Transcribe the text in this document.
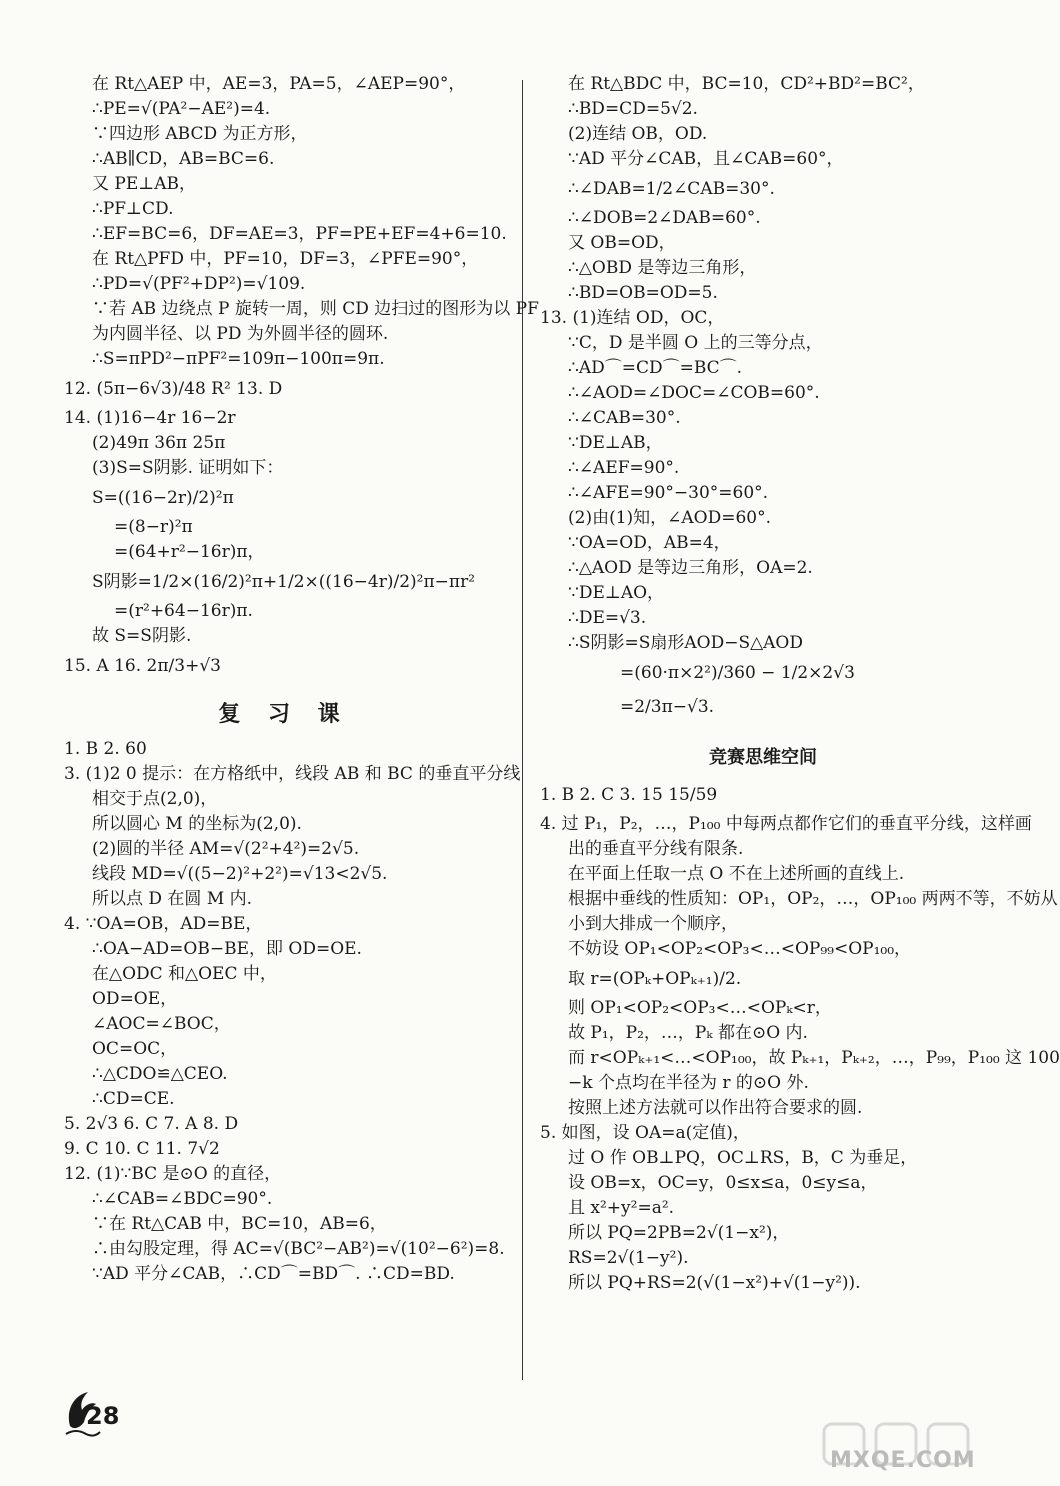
在 Rt△AEP 中，AE=3，PA=5，∠AEP=90°，
∴PE=√(PA²−AE²)=4.
∵四边形 ABCD 为正方形，
∴AB∥CD，AB=BC=6.
又 PE⊥AB，
∴PF⊥CD.
∴EF=BC=6，DF=AE=3，PF=PE+EF=4+6=10.
在 Rt△PFD 中，PF=10，DF=3，∠PFE=90°，
∴PD=√(PF²+DP²)=√109.
∵若 AB 边绕点 P 旋转一周，则 CD 边扫过的图形为以 PF
为内圆半径、以 PD 为外圆半径的圆环.
∴S=πPD²−πPF²=109π−100π=9π.
12. (5π−6√3)/48 R² 13. D
14. (1)16−4r 16−2r
(2)49π 36π 25π
(3)S=S阴影. 证明如下：
S=((16−2r)/2)²π
=(8−r)²π
=(64+r²−16r)π，
S阴影=1/2×(16/2)²π+1/2×((16−4r)/2)²π−πr²
=(r²+64−16r)π.
故 S=S阴影.
15. A 16. 2π/3+√3
复 习 课
1. B 2. 60
3. (1)2 0 提示：在方格纸中，线段 AB 和 BC 的垂直平分线
相交于点(2,0)，
所以圆心 M 的坐标为(2,0).
(2)圆的半径 AM=√(2²+4²)=2√5.
线段 MD=√((5−2)²+2²)=√13<2√5.
所以点 D 在圆 M 内.
4. ∵OA=OB，AD=BE，
∴OA−AD=OB−BE，即 OD=OE.
在△ODC 和△OEC 中，
OD=OE，
∠AOC=∠BOC，
OC=OC，
∴△CDO≌△CEO.
∴CD=CE.
5. 2√3 6. C 7. A 8. D
9. C 10. C 11. 7√2
12. (1)∵BC 是⊙O 的直径，
∴∠CAB=∠BDC=90°.
∵在 Rt△CAB 中，BC=10，AB=6，
∴由勾股定理，得 AC=√(BC²−AB²)=√(10²−6²)=8.
∵AD 平分∠CAB，∴CD⌒=BD⌒. ∴CD=BD.
在 Rt△BDC 中，BC=10，CD²+BD²=BC²，
∴BD=CD=5√2.
(2)连结 OB，OD.
∵AD 平分∠CAB，且∠CAB=60°，
∴∠DAB=1/2∠CAB=30°.
∴∠DOB=2∠DAB=60°.
又 OB=OD，
∴△OBD 是等边三角形，
∴BD=OB=OD=5.
13. (1)连结 OD，OC，
∵C，D 是半圆 O 上的三等分点，
∴AD⌒=CD⌒=BC⌒.
∴∠AOD=∠DOC=∠COB=60°.
∴∠CAB=30°.
∵DE⊥AB，
∴∠AEF=90°.
∴∠AFE=90°−30°=60°.
(2)由(1)知，∠AOD=60°.
∵OA=OD，AB=4，
∴△AOD 是等边三角形，OA=2.
∵DE⊥AO，
∴DE=√3.
∴S阴影=S扇形AOD−S△AOD
=(60·π×2²)/360 − 1/2×2√3
=2/3π−√3.
竞赛思维空间
1. B 2. C 3. 15 15/59
4. 过 P₁，P₂，…，P₁₀₀ 中每两点都作它们的垂直平分线，这样画
出的垂直平分线有限条.
在平面上任取一点 O 不在上述所画的直线上.
根据中垂线的性质知：OP₁，OP₂，…，OP₁₀₀ 两两不等，不妨从
小到大排成一个顺序，
不妨设 OP₁<OP₂<OP₃<…<OP₉₉<OP₁₀₀，
取 r=(OPₖ+OPₖ₊₁)/2.
则 OP₁<OP₂<OP₃<…<OPₖ<r，
故 P₁，P₂，…，Pₖ 都在⊙O 内.
而 r<OPₖ₊₁<…<OP₁₀₀，故 Pₖ₊₁，Pₖ₊₂，…，P₉₉，P₁₀₀ 这 100
−k 个点均在半径为 r 的⊙O 外.
按照上述方法就可以作出符合要求的圆.
5. 如图，设 OA=a(定值)，
过 O 作 OB⊥PQ，OC⊥RS，B，C 为垂足，
设 OB=x，OC=y，0≤x≤a，0≤y≤a，
且 x²+y²=a².
所以 PQ=2PB=2√(1−x²)，
RS=2√(1−y²).
所以 PQ+RS=2(√(1−x²)+√(1−y²)).
28
MXQE.COM
